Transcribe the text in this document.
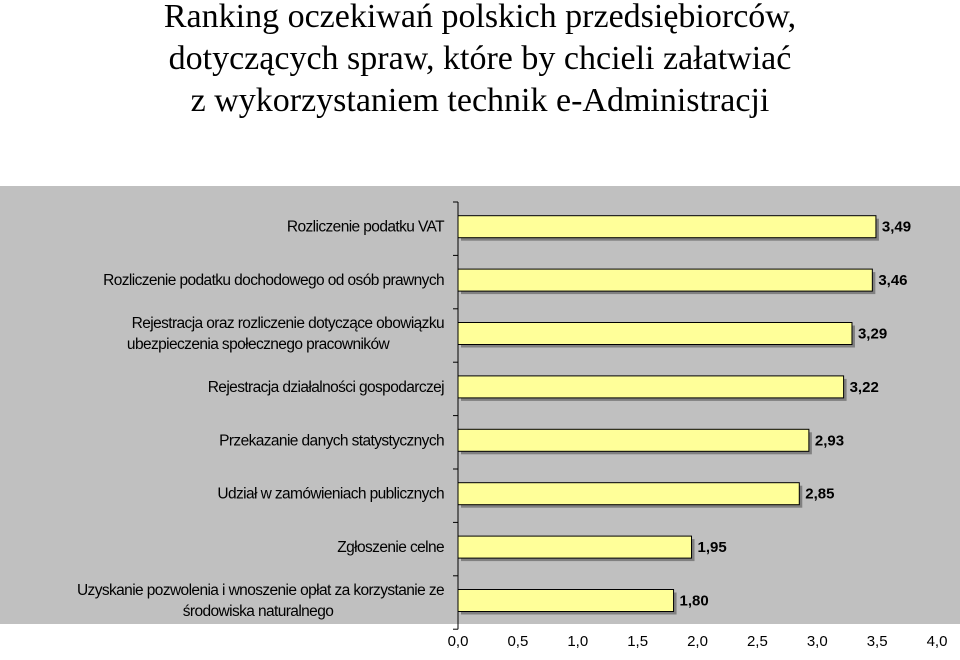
Ranking oczekiwań polskich przedsiębiorców,
dotyczących spraw, które by chcieli załatwiać
z wykorzystaniem technik e-Administracji
3,49
Rozliczenie podatku VAT
3,46
Rozliczenie podatku dochodowego od osób prawnych
3,29
Rejestracja oraz rozliczenie dotyczące obowiązku
ubezpieczenia społecznego pracowników
3,22
Rejestracja działalności gospodarczej
2,93
Przekazanie danych statystycznych
2,85
Udział w zamówieniach publicznych
1,95
Zgłoszenie celne
1,80
Uzyskanie pozwolenia i wnoszenie opłat za korzystanie ze
środowiska naturalnego
0,0	0,5	1,0	1,5	2,0	2,5	3,0	3,5	4,0
